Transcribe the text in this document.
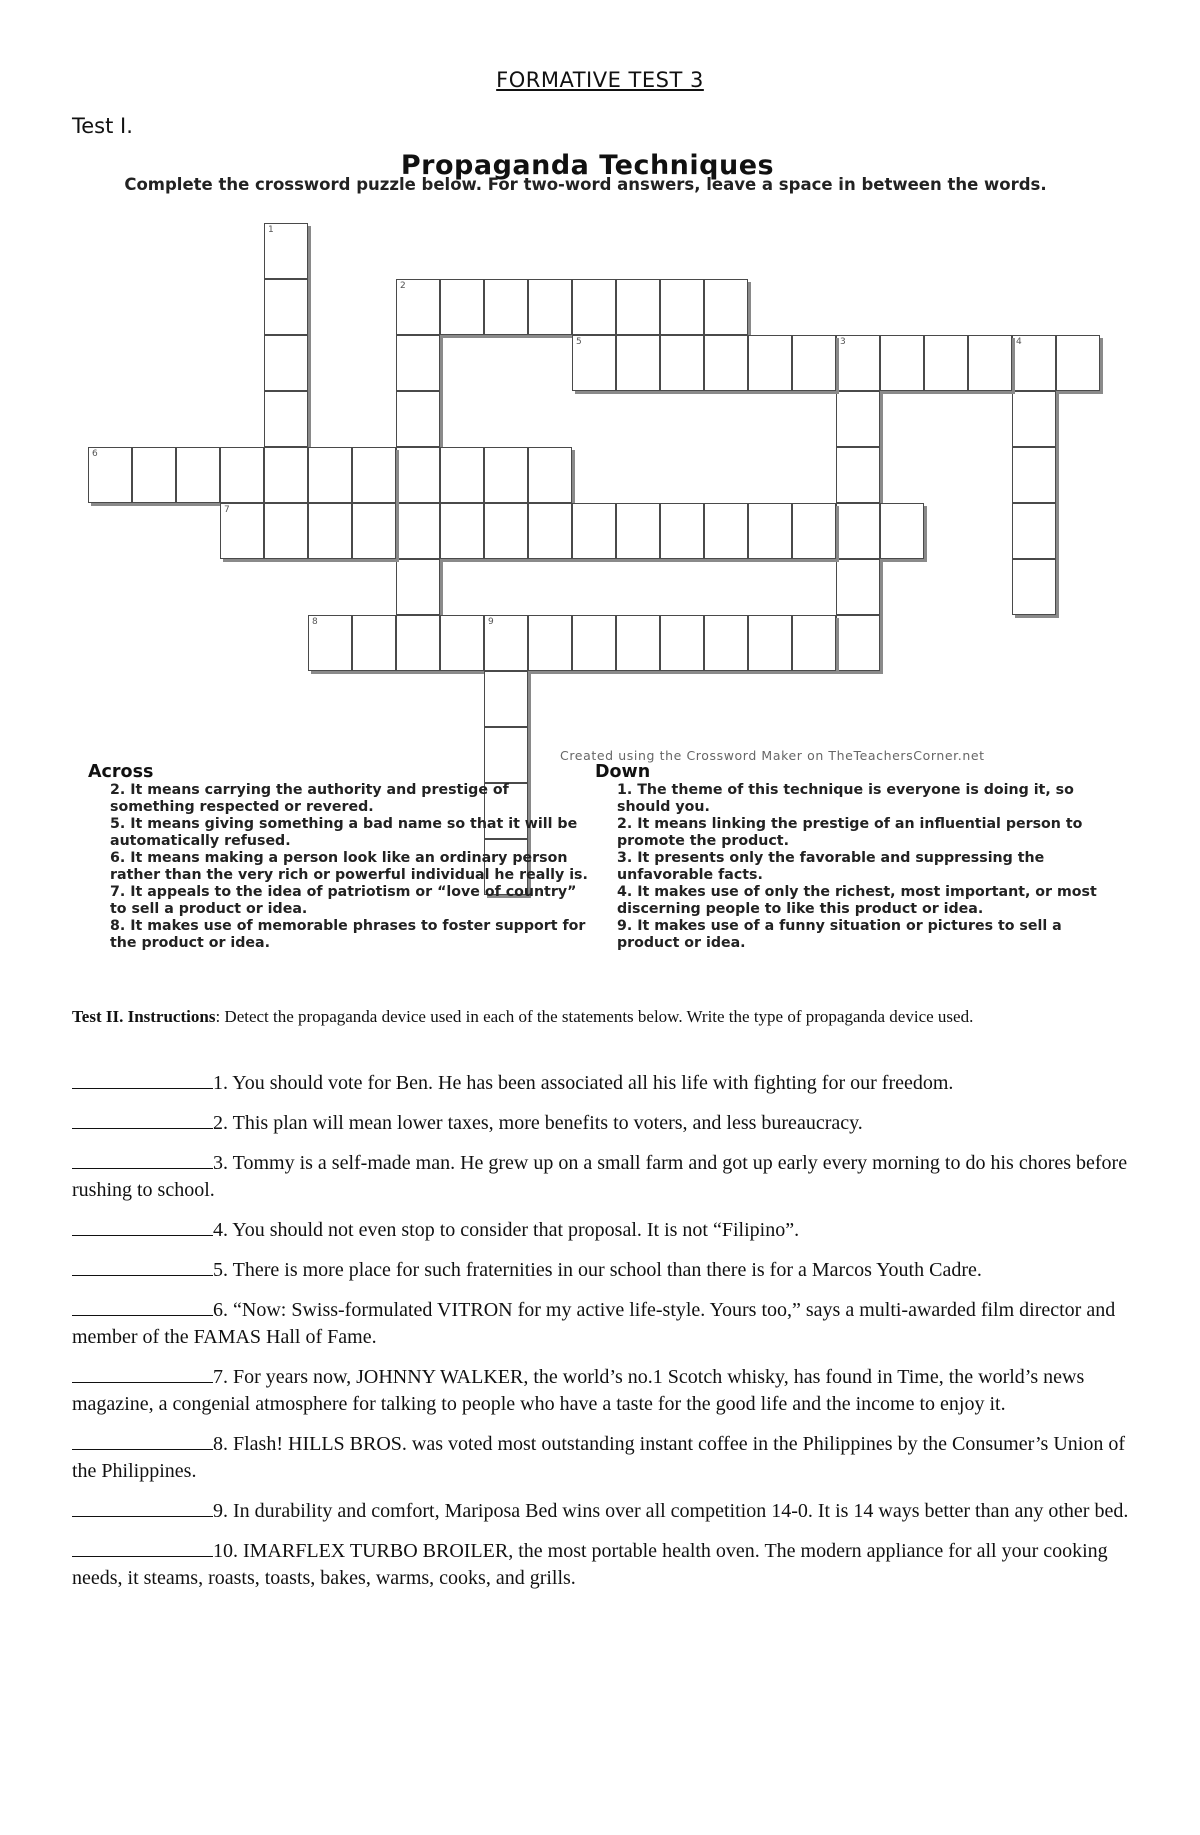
FORMATIVE TEST 3
Test I.
Propaganda Techniques
Complete the crossword puzzle below. For two-word answers, leave a space in between the words.
1
2
3	4
5
6
7
8	9
Created using the Crossword Maker on TheTeachersCorner.net
Across	Down
2. It means carrying the authority and prestige of something respected or revered.
5. It means giving something a bad name so that it will be automatically refused.
6. It means making a person look like an ordinary person rather than the very rich or powerful individual he really is.
7. It appeals to the idea of patriotism or “love of country” to sell a product or idea.
8. It makes use of memorable phrases to foster support for the product or idea.
1. The theme of this technique is everyone is doing it, so should you.
2. It means linking the prestige of an influential person to promote the product.
3. It presents only the favorable and suppressing the unfavorable facts.
4. It makes use of only the richest, most important, or most discerning people to like this product or idea.
9. It makes use of a funny situation or pictures to sell a product or idea.
Test II. Instructions: Detect the propaganda device used in each of the statements below. Write the type of propaganda device used.
1. You should vote for Ben. He has been associated all his life with fighting for our freedom.
2. This plan will mean lower taxes, more benefits to voters, and less bureaucracy.
3. Tommy is a self-made man. He grew up on a small farm and got up early every morning to do his chores before rushing to school.
4. You should not even stop to consider that proposal. It is not “Filipino”.
5. There is more place for such fraternities in our school than there is for a Marcos Youth Cadre.
6. “Now: Swiss-formulated VITRON for my active life-style. Yours too,” says a multi-awarded film director and member of the FAMAS Hall of Fame.
7. For years now, JOHNNY WALKER, the world’s no.1 Scotch whisky, has found in Time, the world’s news magazine, a congenial atmosphere for talking to people who have a taste for the good life and the income to enjoy it.
8. Flash! HILLS BROS. was voted most outstanding instant coffee in the Philippines by the Consumer’s Union of the Philippines.
9. In durability and comfort, Mariposa Bed wins over all competition 14-0. It is 14 ways better than any other bed.
10. IMARFLEX TURBO BROILER, the most portable health oven. The modern appliance for all your cooking needs, it steams, roasts, toasts, bakes, warms, cooks, and grills.
